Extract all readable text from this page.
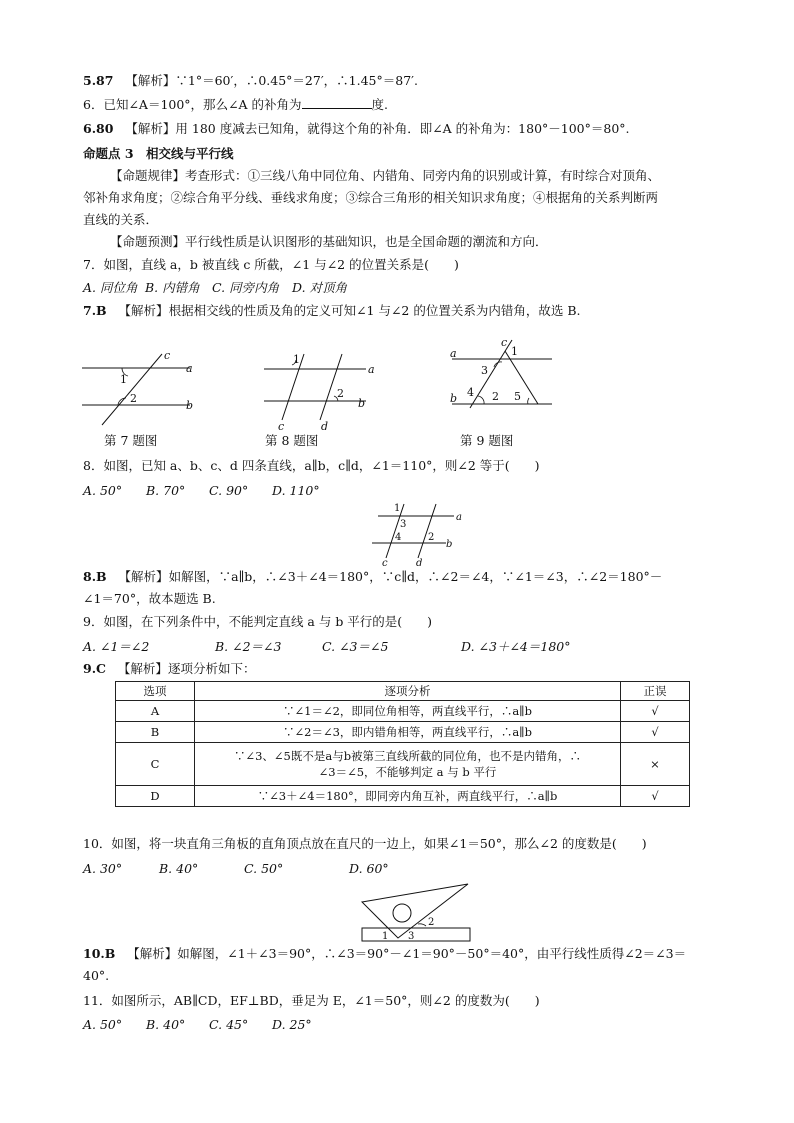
5.87 【解析】∵1°＝60′，∴0.45°＝27′，∴1.45°＝87′.
6．已知∠A＝100°，那么∠A 的补角为	度.
6.80 【解析】用 180 度减去已知角，就得这个角的补角．即∠A 的补角为：180°－100°＝80°.
命题点 3　相交线与平行线
【命题规律】考查形式：①三线八角中同位角、内错角、同旁内角的识别或计算，有时综合对顶角、
邻补角求角度；②综合角平分线、垂线求角度；③综合三角形的相关知识求角度；④根据角的关系判断两
直线的关系．
【命题预测】平行线性质是认识图形的基础知识，也是全国命题的潮流和方向．
7．如图，直线 a，b 被直线 c 所截，∠1 与∠2 的位置关系是(　　)
A. 同位角 B. 内错角 C. 同旁内角 D. 对顶角
7.B 【解析】根据相交线的性质及角的定义可知∠1 与∠2 的位置关系为内错角，故选 B.
c
a
1
2
b
1
a
2
b
c	d
c
a	1
3
4
b	2 5
第 7 题图	第 8 题图	第 9 题图
8．如图，已知 a、b、c、d 四条直线，a∥b，c∥d，∠1＝110°，则∠2 等于(　　)
A. 50° B. 70° C. 90° D. 110°
1
3
a
4	2
b
c	d
8.B 【解析】如解图，∵a∥b，∴∠3＋∠4＝180°，∵c∥d，∴∠2＝∠4，∵∠1＝∠3，∴∠2＝180°－
∠1＝70°，故本题选 B.
9．如图，在下列条件中，不能判定直线 a 与 b 平行的是(　　)
A. ∠1＝∠2	B. ∠2＝∠3	C. ∠3＝∠5	D. ∠3＋∠4＝180°
9.C 【解析】逐项分析如下：
选项	逐项分析	正误
A	∵∠1＝∠2，即同位角相等，两直线平行，∴a∥b	√
B	∵∠2＝∠3，即内错角相等，两直线平行，∴a∥b	√
C	∵∠3、∠5既不是a与b被第三直线所截的同位角，也不是内错角，∴
∠3＝∠5，不能够判定 a 与 b 平行	×
D	∵∠3＋∠4＝180°，即同旁内角互补，两直线平行，∴a∥b	√
10．如图，将一块直角三角板的直角顶点放在直尺的一边上，如果∠1＝50°，那么∠2 的度数是(　　)
A. 30°	B. 40°	C. 50°	D. 60°
2
1 3
10.B 【解析】如解图，∠1＋∠3＝90°，∴∠3＝90°－∠1＝90°－50°＝40°，由平行线性质得∠2＝∠3＝
40°.
11．如图所示，AB∥CD，EF⊥BD，垂足为 E，∠1＝50°，则∠2 的度数为(　　)
A. 50° B. 40° C. 45° D. 25°
